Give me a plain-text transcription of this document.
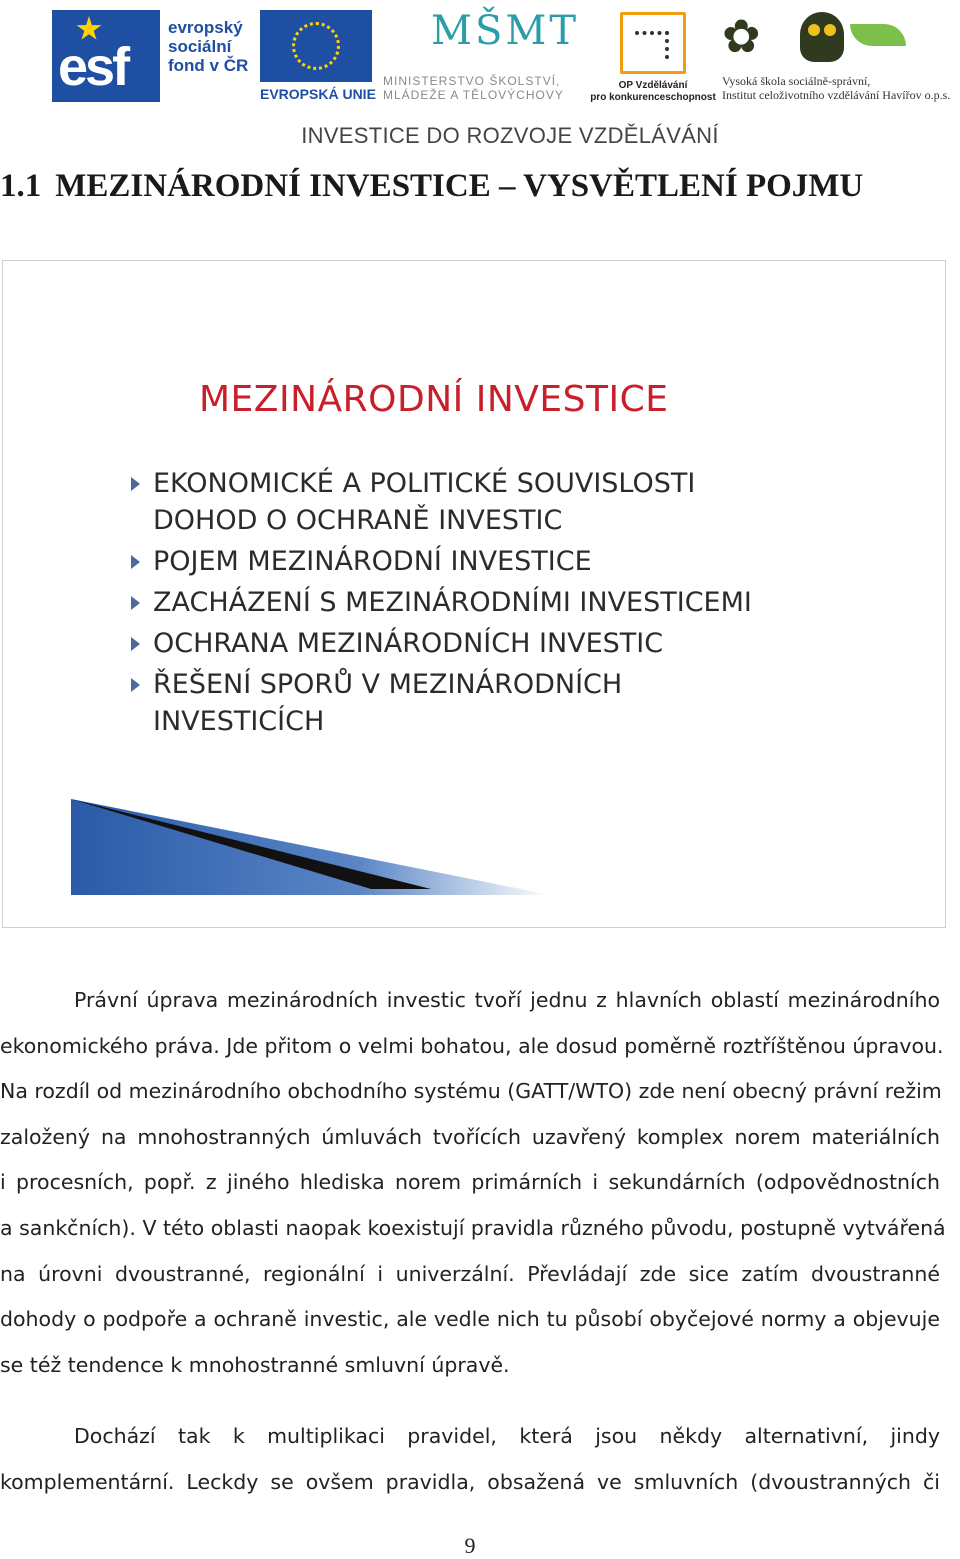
esf
evropský
sociální
fond v ČR
EVROPSKÁ UNIE
MŠMT
MINISTERSTVO ŠKOLSTVÍ,
MLÁDEŽE A TĚLOVÝCHOVY
OP Vzdělávání
pro konkurenceschopnost
✿
Vysoká škola sociálně-správní,
Institut celoživotního vzdělávání Havířov o.p.s.
INVESTICE DO ROZVOJE VZDĚLÁVÁNÍ
1.1 MEZINÁRODNÍ INVESTICE – VYSVĚTLENÍ POJMU
MEZINÁRODNÍ INVESTICE
EKONOMICKÉ A POLITICKÉ SOUVISLOSTI
DOHOD O OCHRANĚ INVESTIC
POJEM MEZINÁRODNÍ INVESTICE
ZACHÁZENÍ S MEZINÁRODNÍMI INVESTICEMI
OCHRANA MEZINÁRODNÍCH INVESTIC
ŘEŠENÍ SPORŮ V MEZINÁRODNÍCH
INVESTICÍCH

Právní úprava mezinárodních investic tvoří jednu z hlavních oblastí mezinárodního
ekonomického práva. Jde přitom o velmi bohatou, ale dosud poměrně roztříštěnou úpravou.
Na rozdíl od mezinárodního obchodního systému (GATT/WTO) zde není obecný právní režim
založený na mnohostranných úmluvách tvořících uzavřený komplex norem materiálních
i procesních, popř. z jiného hlediska norem primárních i sekundárních (odpovědnostních
a sankčních). V této oblasti naopak koexistují pravidla různého původu, postupně vytvářená
na úrovni dvoustranné, regionální i univerzální. Převládají zde sice zatím dvoustranné
dohody o podpoře a ochraně investic, ale vedle nich tu působí obyčejové normy a objevuje
se též tendence k mnohostranné smluvní úpravě.

Dochází tak k multiplikaci pravidel, která jsou někdy alternativní, jindy
komplementární. Leckdy se ovšem pravidla, obsažená ve smluvních (dvoustranných či

9
